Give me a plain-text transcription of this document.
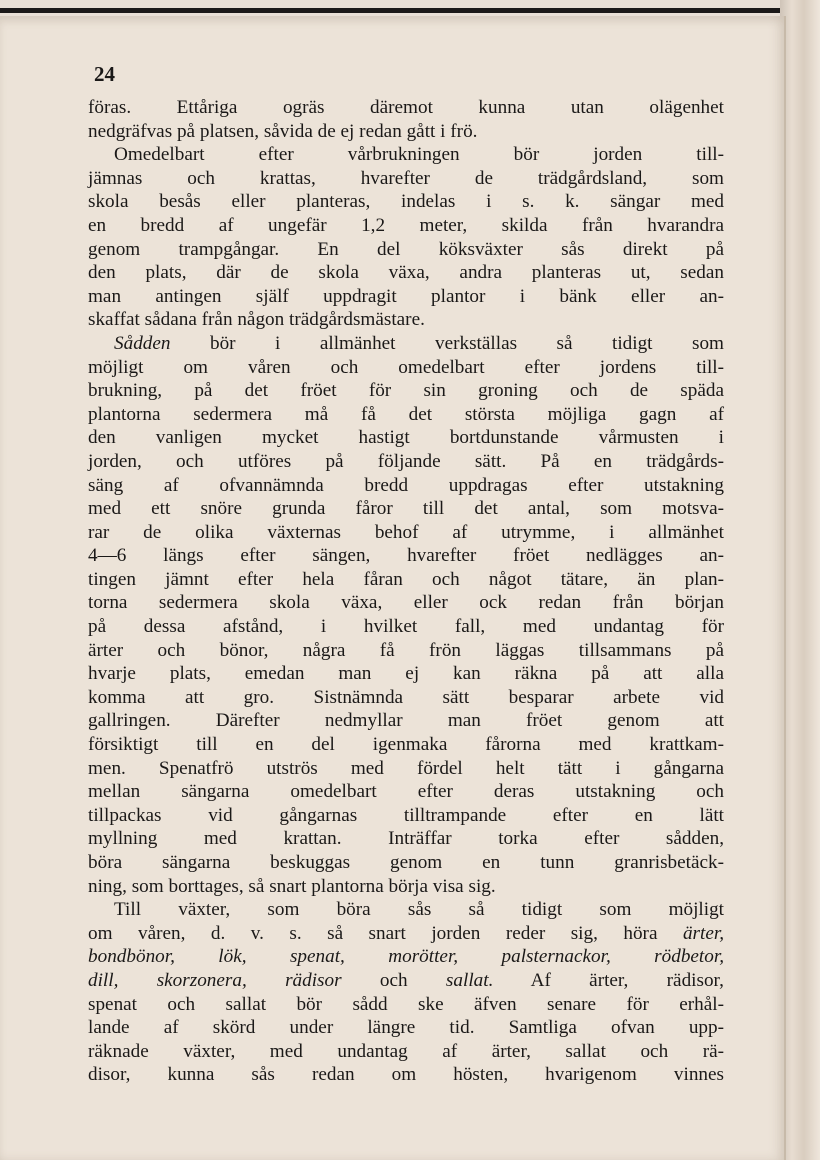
24
föras. Ettåriga ogräs däremot kunna utan olägenhet
nedgräfvas på platsen, såvida de ej redan gått i frö.
Omedelbart efter vårbrukningen bör jorden till-
jämnas och krattas, hvarefter de trädgårdsland, som
skola besås eller planteras, indelas i s. k. sängar med
en bredd af ungefär 1,2 meter, skilda från hvarandra
genom trampgångar. En del köksväxter sås direkt på
den plats, där de skola växa, andra planteras ut, sedan
man antingen själf uppdragit plantor i bänk eller an-
skaffat sådana från någon trädgårdsmästare.
Sådden bör i allmänhet verkställas så tidigt som
möjligt om våren och omedelbart efter jordens till-
brukning, på det fröet för sin groning och de späda
plantorna sedermera må få det största möjliga gagn af
den vanligen mycket hastigt bortdunstande vårmusten i
jorden, och utföres på följande sätt. På en trädgårds-
säng af ofvannämnda bredd uppdragas efter utstakning
med ett snöre grunda fåror till det antal, som motsva-
rar de olika växternas behof af utrymme, i allmänhet
4—6 längs efter sängen, hvarefter fröet nedlägges an-
tingen jämnt efter hela fåran och något tätare, än plan-
torna sedermera skola växa, eller ock redan från början
på dessa afstånd, i hvilket fall, med undantag för
ärter och bönor, några få frön läggas tillsammans på
hvarje plats, emedan man ej kan räkna på att alla
komma att gro. Sistnämnda sätt besparar arbete vid
gallringen. Därefter nedmyllar man fröet genom att
försiktigt till en del igenmaka fårorna med krattkam-
men. Spenatfrö utströs med fördel helt tätt i gångarna
mellan sängarna omedelbart efter deras utstakning och
tillpackas vid gångarnas tilltrampande efter en lätt
myllning med krattan. Inträffar torka efter sådden,
böra sängarna beskuggas genom en tunn granrisbetäck-
ning, som borttages, så snart plantorna börja visa sig.
Till växter, som böra sås så tidigt som möjligt
om våren, d. v. s. så snart jorden reder sig, höra ärter,
bondbönor, lök, spenat, morötter, palsternackor, rödbetor,
dill, skorzonera, rädisor och sallat. Af ärter, rädisor,
spenat och sallat bör sådd ske äfven senare för erhål-
lande af skörd under längre tid. Samtliga ofvan upp-
räknade växter, med undantag af ärter, sallat och rä-
disor, kunna sås redan om hösten, hvarigenom vinnes
